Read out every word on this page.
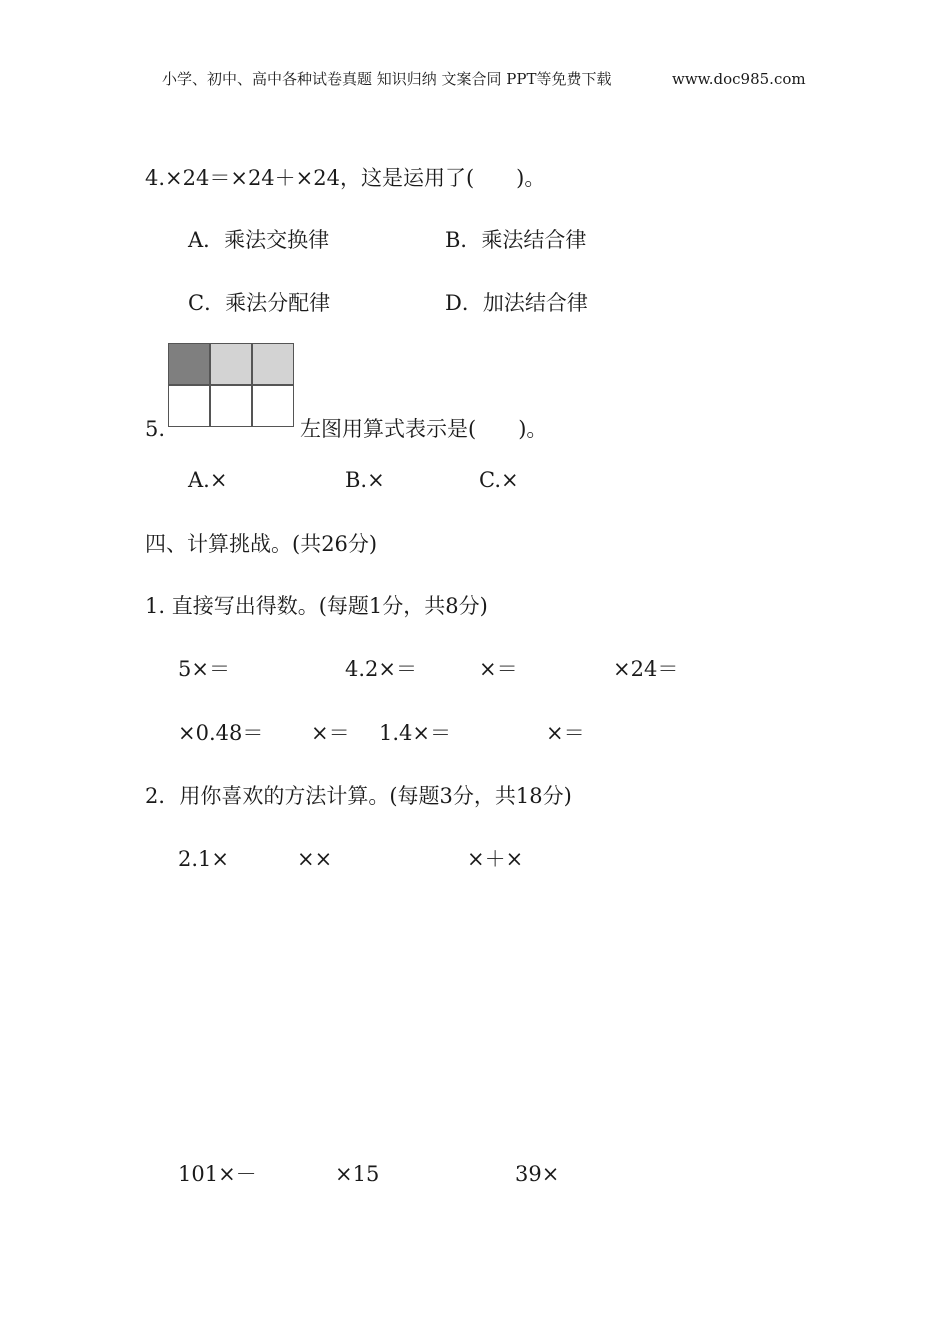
小学、初中、高中各种试卷真题 知识归纳 文案合同 PPT等免费下载	www.doc985.com
4.×24＝×24＋×24，这是运用了(　　)。
A．乘法交换律	B．乘法结合律
C．乘法分配律	D．加法结合律
5.	左图用算式表示是(　　)。
A.×	B.×	C.×
四、计算挑战。(共26分)
1. 直接写出得数。(每题1分，共8分)
5×＝	4.2×＝	×＝	×24＝
×0.48＝ ×＝ 1.4×＝	×＝
2．用你喜欢的方法计算。(每题3分，共18分)
2.1×	××	×＋×
101×－	×15	39×
